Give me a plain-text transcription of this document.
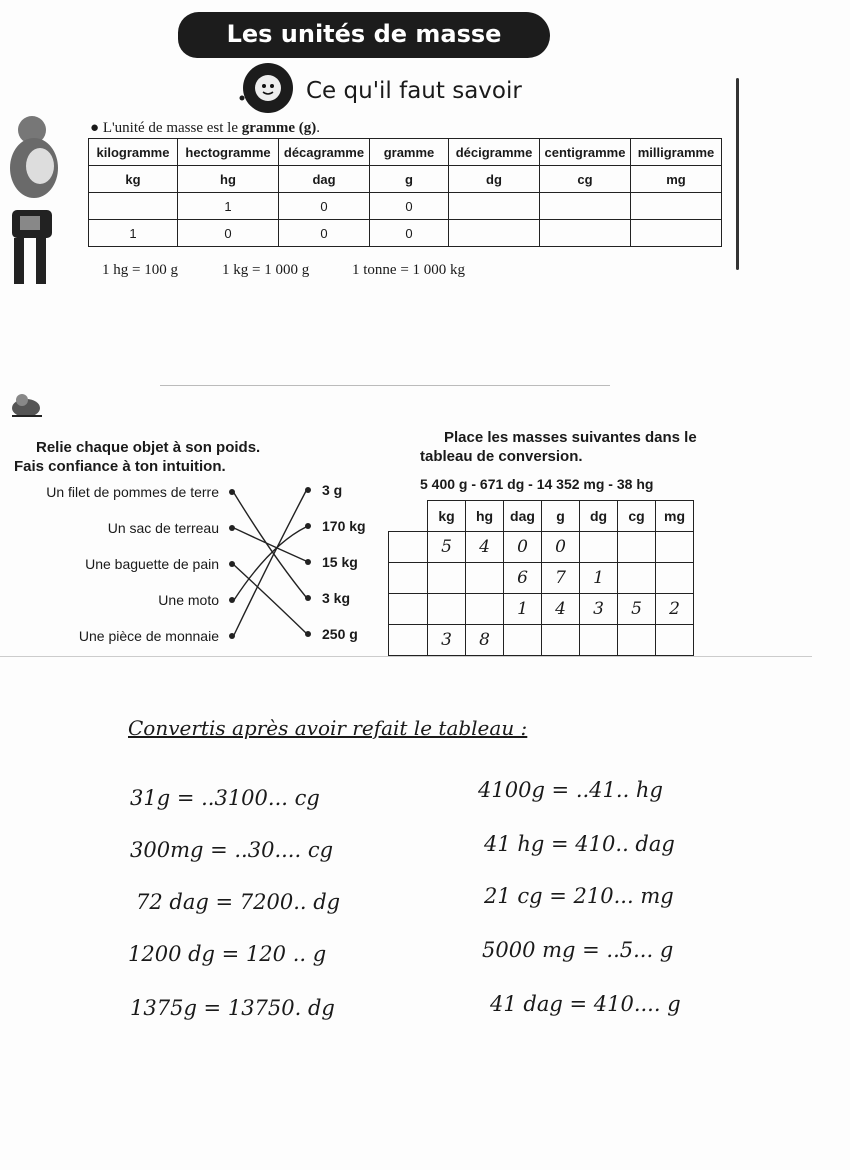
Les unités de masse
Ce qu'il faut savoir
● L'unité de masse est le gramme (g).
kilogramme	hectogramme	décagramme	gramme	décigramme	centigramme	milligramme
kg	hg	dag	g	dg	cg	mg
	1	0	0			
1	0	0	0			
1 hg = 100 g	1 kg = 1 000 g	1 tonne = 1 000 kg
Relie chaque objet à son poids.
Fais confiance à ton intuition.
Un filet de pommes de terre
Un sac de terreau
Une baguette de pain
Une moto
Une pièce de monnaie
3 g
170 kg
15 kg
3 kg
250 g
Place les masses suivantes dans le
tableau de conversion.
5 400 g - 671 dg - 14 352 mg - 38 hg
	kg	hg	dag	g	dg	cg	mg
	5	4	0	0			
			6	7	1		
			1	4	3	5	2
	3	8					
Convertis après avoir refait le tableau :
31g = ..3100... cg
300mg = ..30.... cg
72 dag = 7200.. dg
1200 dg = 120 .. g
1375g = 13750. dg
4100g = ..41.. hg
41 hg = 410.. dag
21 cg = 210... mg
5000 mg = ..5... g
41 dag = 410.... g
